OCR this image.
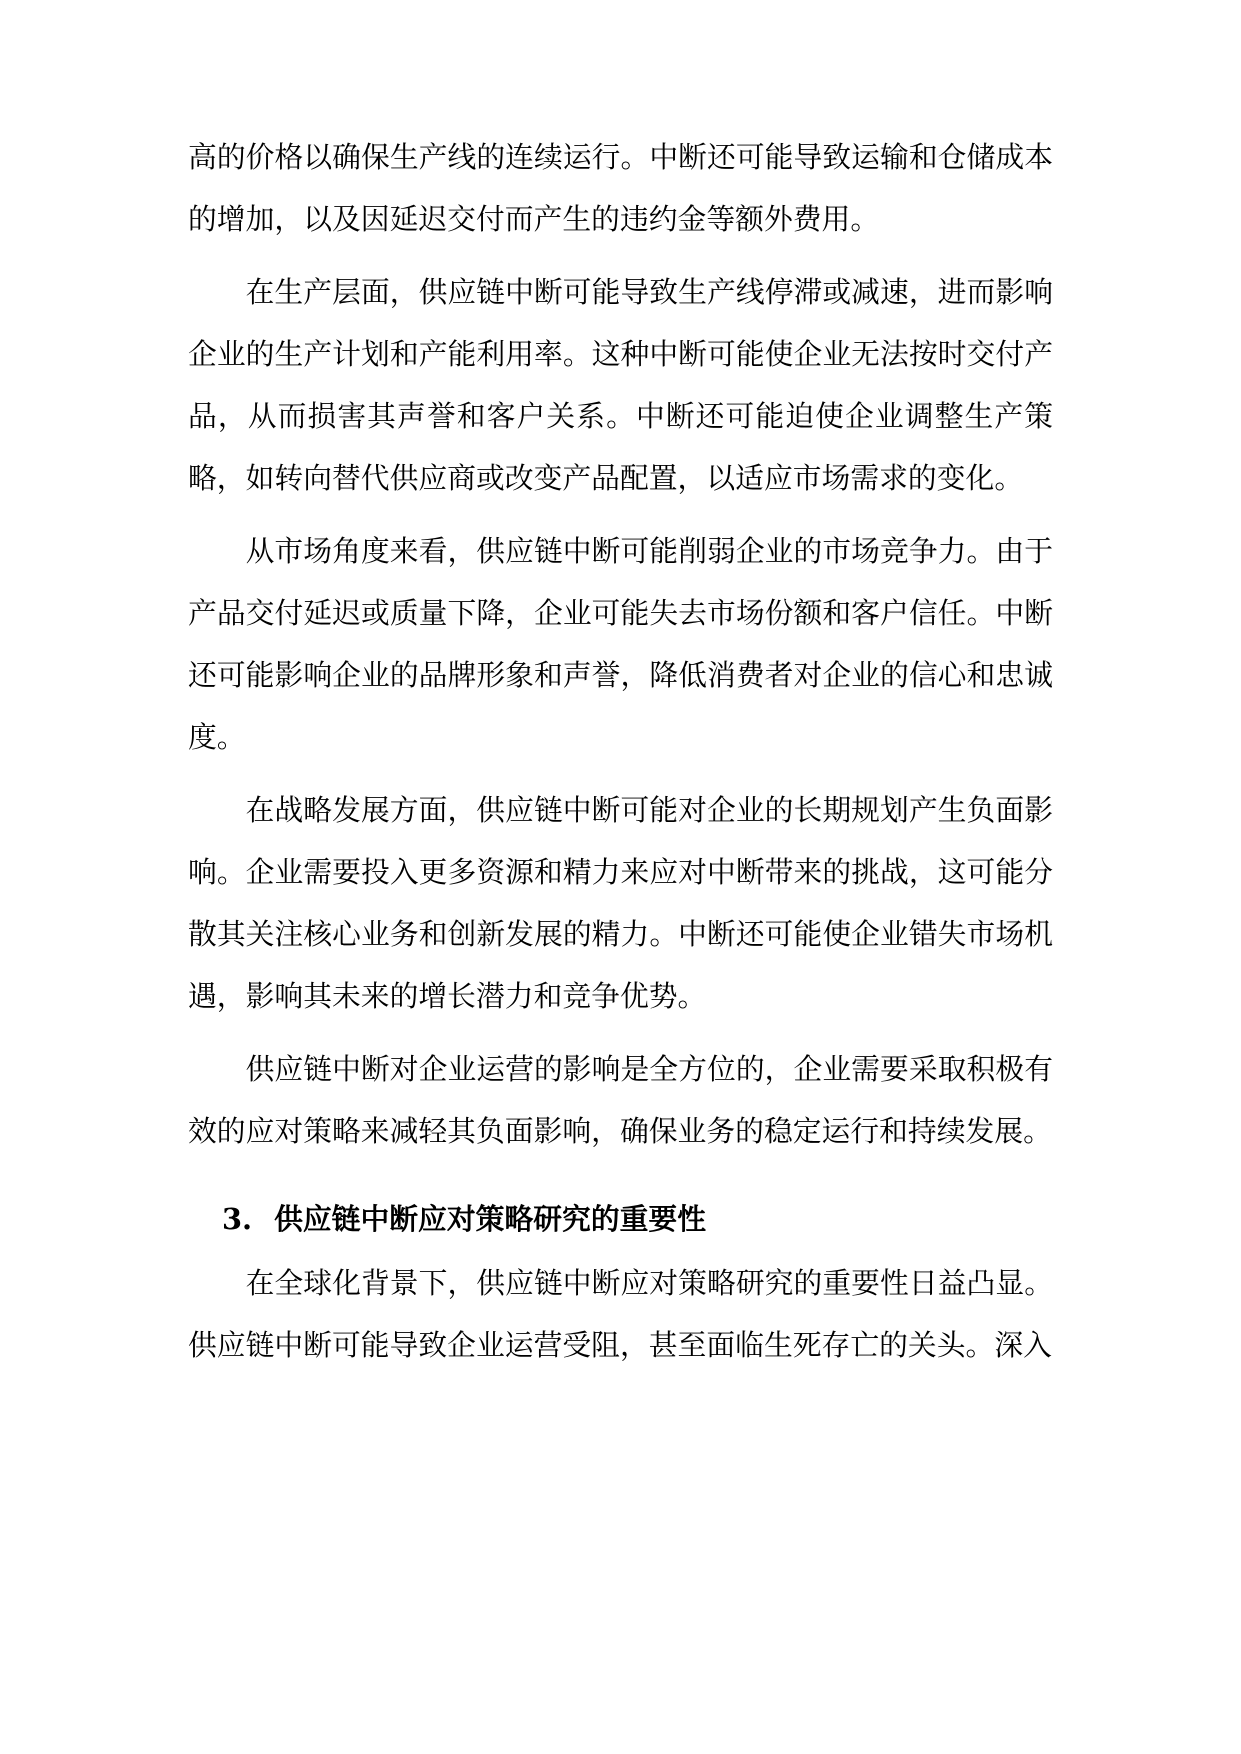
高的价格以确保生产线的连续运行。中断还可能导致运输和仓储成本的增加，以及因延迟交付而产生的违约金等额外费用。

在生产层面，供应链中断可能导致生产线停滞或减速，进而影响企业的生产计划和产能利用率。这种中断可能使企业无法按时交付产品，从而损害其声誉和客户关系。中断还可能迫使企业调整生产策略，如转向替代供应商或改变产品配置，以适应市场需求的变化。

从市场角度来看，供应链中断可能削弱企业的市场竞争力。由于产品交付延迟或质量下降，企业可能失去市场份额和客户信任。中断还可能影响企业的品牌形象和声誉，降低消费者对企业的信心和忠诚度。

在战略发展方面，供应链中断可能对企业的长期规划产生负面影响。企业需要投入更多资源和精力来应对中断带来的挑战，这可能分散其关注核心业务和创新发展的精力。中断还可能使企业错失市场机遇，影响其未来的增长潜力和竞争优势。

供应链中断对企业运营的影响是全方位的，企业需要采取积极有效的应对策略来减轻其负面影响，确保业务的稳定运行和持续发展。

3. 供应链中断应对策略研究的重要性

在全球化背景下，供应链中断应对策略研究的重要性日益凸显。供应链中断可能导致企业运营受阻，甚至面临生死存亡的关头。深入
